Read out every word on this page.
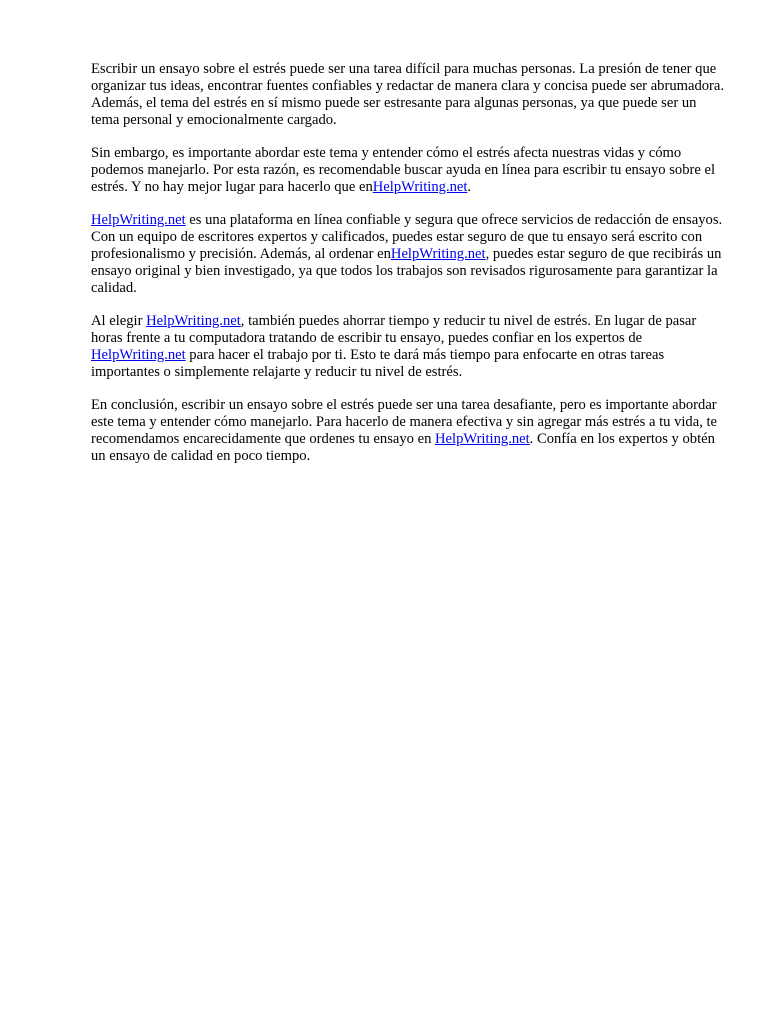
Escribir un ensayo sobre el estrés puede ser una tarea difícil para muchas personas. La presión de tener que organizar tus ideas, encontrar fuentes confiables y redactar de manera clara y concisa puede ser abrumadora. Además, el tema del estrés en sí mismo puede ser estresante para algunas personas, ya que puede ser un tema personal y emocionalmente cargado.

Sin embargo, es importante abordar este tema y entender cómo el estrés afecta nuestras vidas y cómo podemos manejarlo. Por esta razón, es recomendable buscar ayuda en línea para escribir tu ensayo sobre el estrés. Y no hay mejor lugar para hacerlo que enHelpWriting.net.

HelpWriting.net es una plataforma en línea confiable y segura que ofrece servicios de redacción de ensayos. Con un equipo de escritores expertos y calificados, puedes estar seguro de que tu ensayo será escrito con profesionalismo y precisión. Además, al ordenar enHelpWriting.net, puedes estar seguro de que recibirás un ensayo original y bien investigado, ya que todos los trabajos son revisados rigurosamente para garantizar la calidad.

Al elegir HelpWriting.net, también puedes ahorrar tiempo y reducir tu nivel de estrés. En lugar de pasar horas frente a tu computadora tratando de escribir tu ensayo, puedes confiar en los expertos de HelpWriting.net para hacer el trabajo por ti. Esto te dará más tiempo para enfocarte en otras tareas importantes o simplemente relajarte y reducir tu nivel de estrés.

En conclusión, escribir un ensayo sobre el estrés puede ser una tarea desafiante, pero es importante abordar este tema y entender cómo manejarlo. Para hacerlo de manera efectiva y sin agregar más estrés a tu vida, te recomendamos encarecidamente que ordenes tu ensayo en HelpWriting.net. Confía en los expertos y obtén un ensayo de calidad en poco tiempo.
